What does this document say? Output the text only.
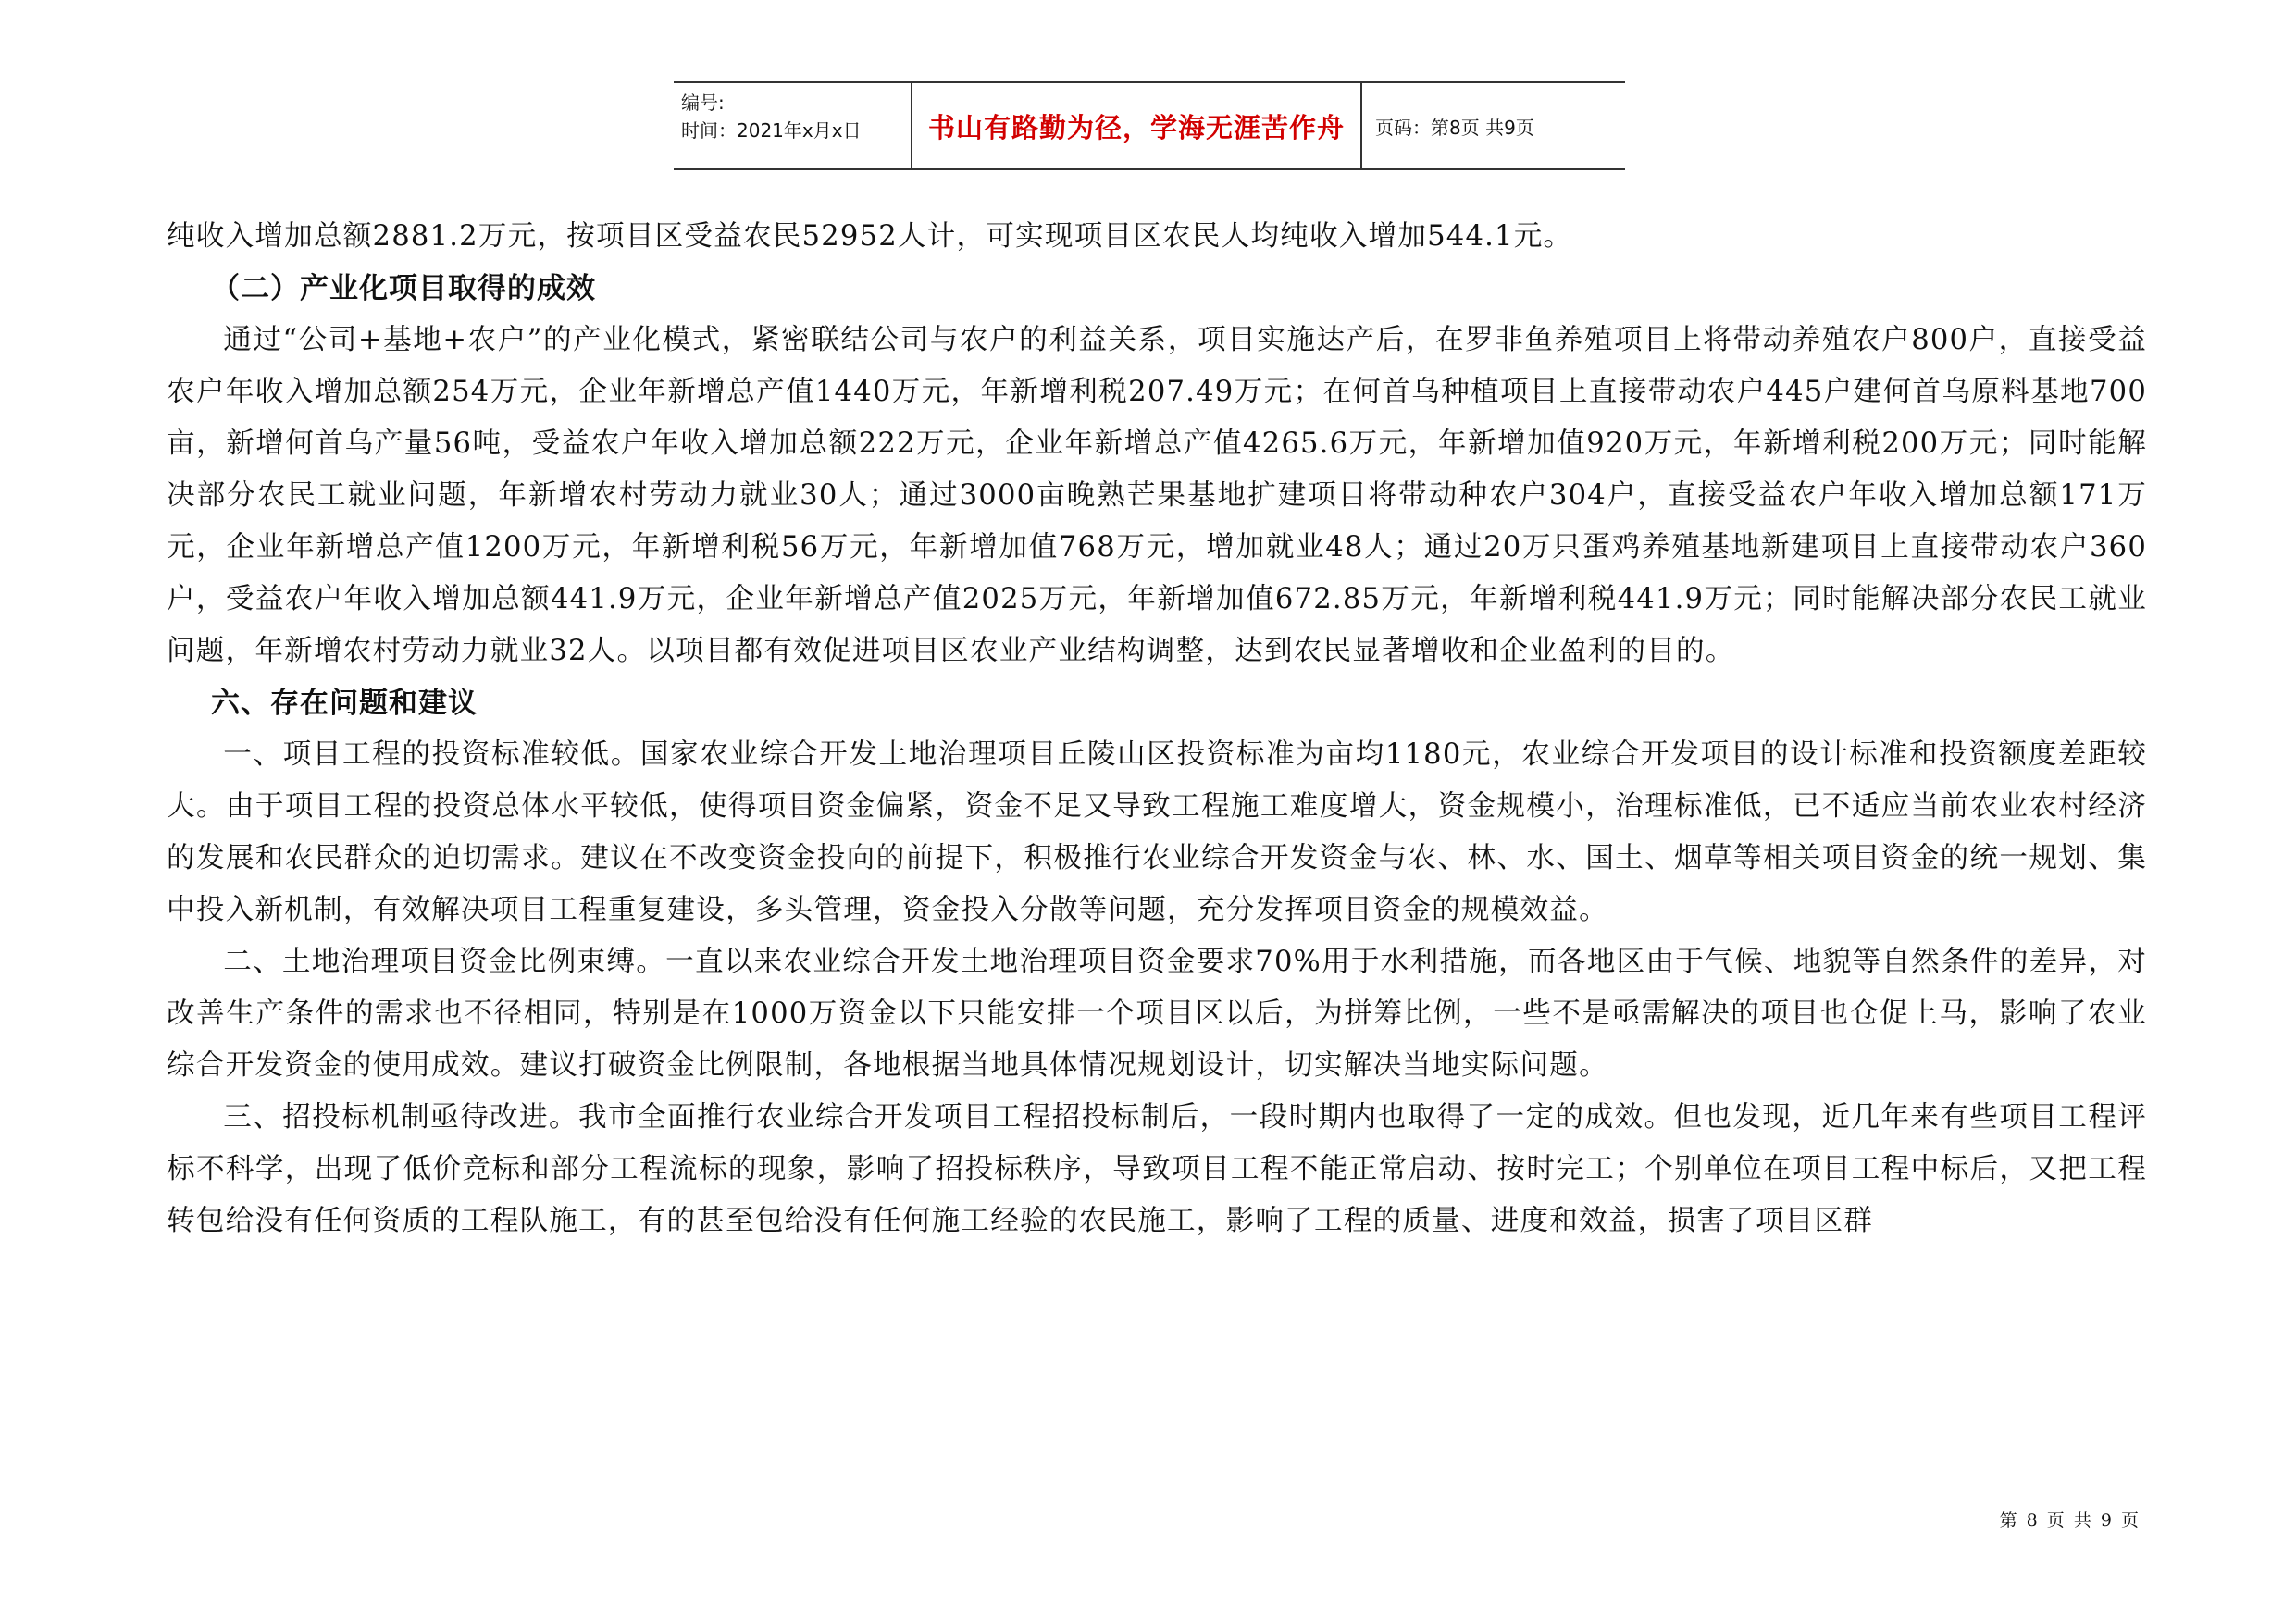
编号:
时间：2021年x月x日	书山有路勤为径，学海无涯苦作舟	页码：第8页 共9页

纯收入增加总额2881.2万元，按项目区受益农民52952人计，可实现项目区农民人均纯收入增加544.1元。

（二）产业化项目取得的成效

通过“公司+基地+农户”的产业化模式，紧密联结公司与农户的利益关系，项目实施达产后，在罗非鱼养殖项目上将带动养殖农户800户，直接受益农户年收入增加总额254万元，企业年新增总产值1440万元，年新增利税207.49万元；在何首乌种植项目上直接带动农户445户建何首乌原料基地700亩，新增何首乌产量56吨，受益农户年收入增加总额222万元，企业年新增总产值4265.6万元，年新增加值920万元，年新增利税200万元；同时能解决部分农民工就业问题，年新增农村劳动力就业30人；通过3000亩晚熟芒果基地扩建项目将带动种农户304户，直接受益农户年收入增加总额171万元，企业年新增总产值1200万元，年新增利税56万元，年新增加值768万元，增加就业48人；通过20万只蛋鸡养殖基地新建项目上直接带动农户360户，受益农户年收入增加总额441.9万元，企业年新增总产值2025万元，年新增加值672.85万元，年新增利税441.9万元；同时能解决部分农民工就业问题，年新增农村劳动力就业32人。以项目都有效促进项目区农业产业结构调整，达到农民显著增收和企业盈利的目的。

六、存在问题和建议

一、项目工程的投资标准较低。国家农业综合开发土地治理项目丘陵山区投资标准为亩均1180元，农业综合开发项目的设计标准和投资额度差距较大。由于项目工程的投资总体水平较低，使得项目资金偏紧，资金不足又导致工程施工难度增大，资金规模小，治理标准低，已不适应当前农业农村经济的发展和农民群众的迫切需求。建议在不改变资金投向的前提下，积极推行农业综合开发资金与农、林、水、国土、烟草等相关项目资金的统一规划、集中投入新机制，有效解决项目工程重复建设，多头管理，资金投入分散等问题，充分发挥项目资金的规模效益。

二、土地治理项目资金比例束缚。一直以来农业综合开发土地治理项目资金要求70%用于水利措施，而各地区由于气候、地貌等自然条件的差异，对改善生产条件的需求也不径相同，特别是在1000万资金以下只能安排一个项目区以后，为拼筹比例，一些不是亟需解决的项目也仓促上马，影响了农业综合开发资金的使用成效。建议打破资金比例限制，各地根据当地具体情况规划设计，切实解决当地实际问题。

三、招投标机制亟待改进。我市全面推行农业综合开发项目工程招投标制后，一段时期内也取得了一定的成效。但也发现，近几年来有些项目工程评标不科学，出现了低价竞标和部分工程流标的现象，影响了招投标秩序，导致项目工程不能正常启动、按时完工；个别单位在项目工程中标后，又把工程转包给没有任何资质的工程队施工，有的甚至包给没有任何施工经验的农民施工，影响了工程的质量、进度和效益，损害了项目区群

第 8 页 共 9 页
